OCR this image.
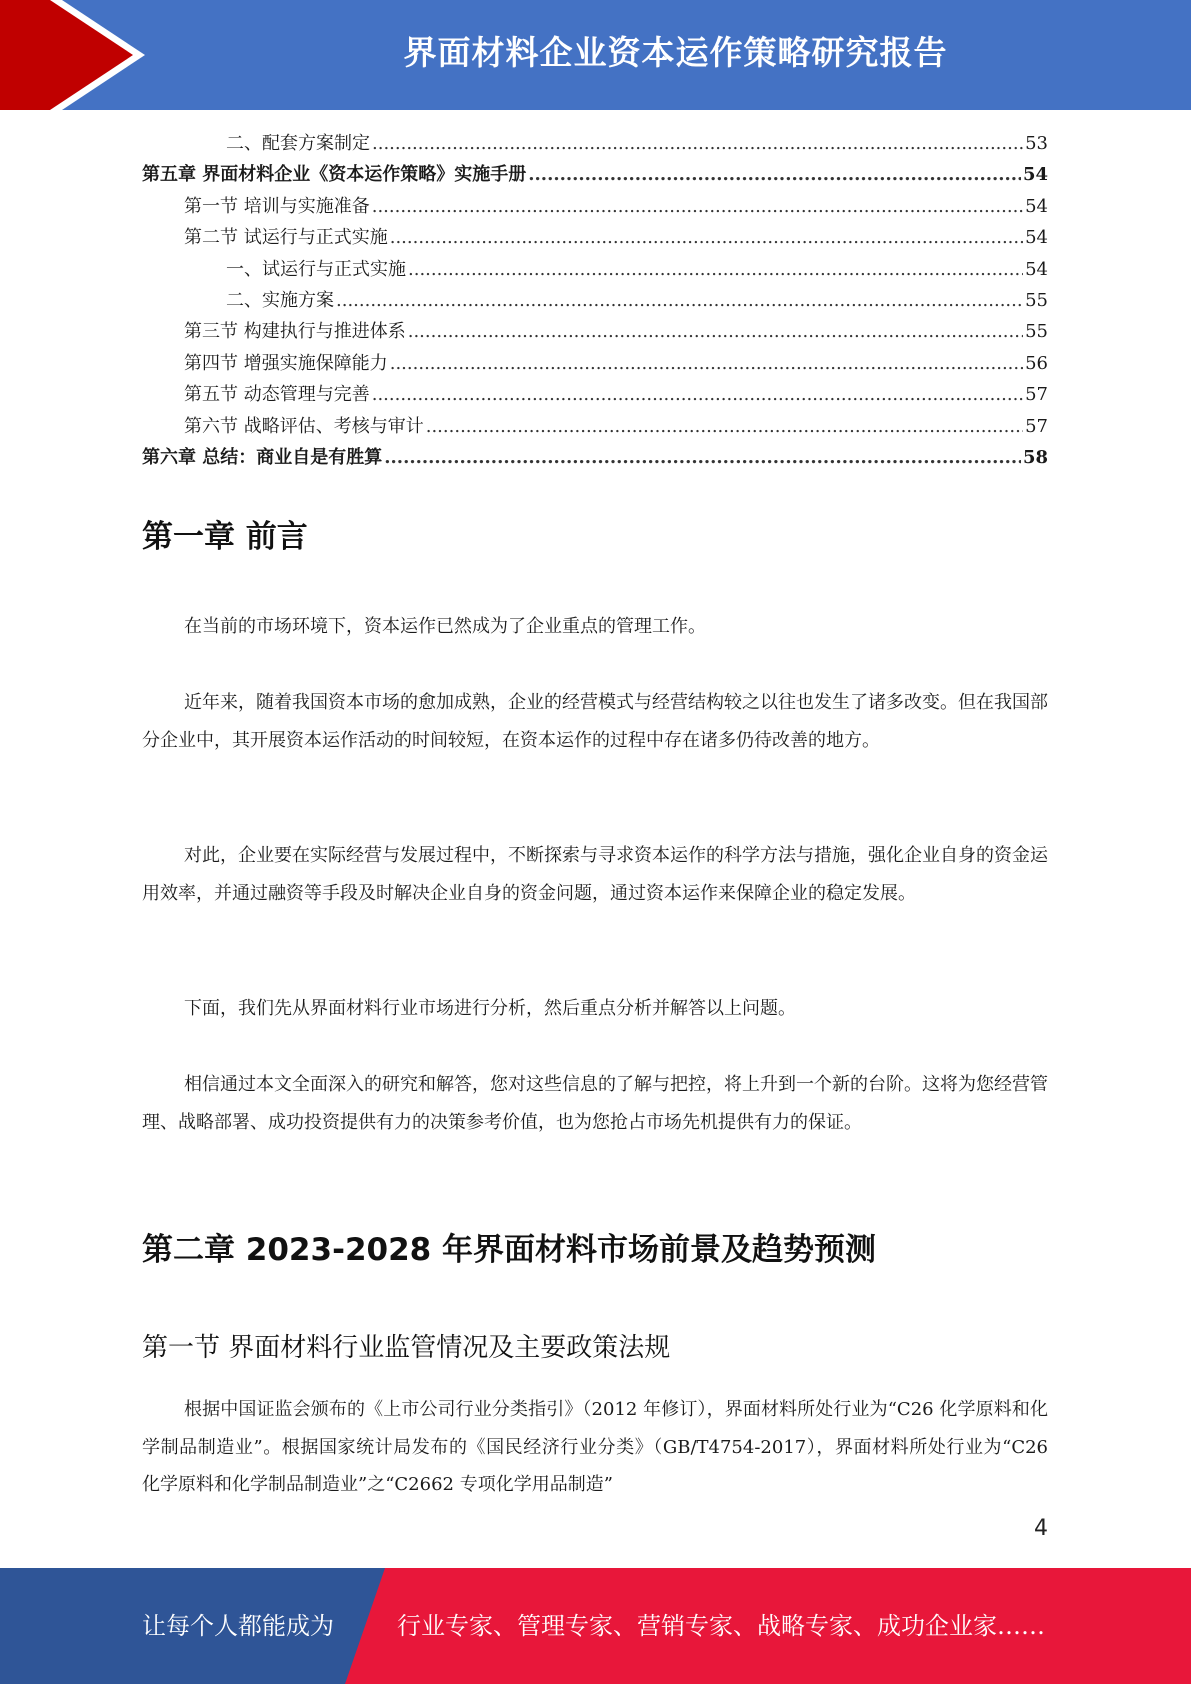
界面材料企业资本运作策略研究报告
二、配套方案制定 .....	53
第五章 界面材料企业《资本运作策略》实施手册 .....	54
第一节 培训与实施准备 .....	54
第二节 试运行与正式实施 .....	54
一、试运行与正式实施 .....	54
二、实施方案 .....	55
第三节 构建执行与推进体系 .....	55
第四节 增强实施保障能力 .....	56
第五节 动态管理与完善 .....	57
第六节 战略评估、考核与审计 .....	57
第六章 总结：商业自是有胜算 .....	58
第一章 前言

在当前的市场环境下，资本运作已然成为了企业重点的管理工作。

近年来，随着我国资本市场的愈加成熟，企业的经营模式与经营结构较之以往也发生了诸多改变。但在我国部分企业中，其开展资本运作活动的时间较短，在资本运作的过程中存在诸多仍待改善的地方。

对此，企业要在实际经营与发展过程中，不断探索与寻求资本运作的科学方法与措施，强化企业自身的资金运用效率，并通过融资等手段及时解决企业自身的资金问题，通过资本运作来保障企业的稳定发展。

下面，我们先从界面材料行业市场进行分析，然后重点分析并解答以上问题。

相信通过本文全面深入的研究和解答，您对这些信息的了解与把控，将上升到一个新的台阶。这将为您经营管理、战略部署、成功投资提供有力的决策参考价值，也为您抢占市场先机提供有力的保证。

第二章 2023-2028 年界面材料市场前景及趋势预测
第一节 界面材料行业监管情况及主要政策法规

根据中国证监会颁布的《上市公司行业分类指引》（2012 年修订），界面材料所处行业为“C26 化学原料和化学制品制造业”。根据国家统计局发布的《国民经济行业分类》（GB/T4754-2017），界面材料所处行业为“C26 化学原料和化学制品制造业”之“C2662 专项化学用品制造”

4
让每个人都能成为	行业专家、管理专家、营销专家、战略专家、成功企业家……
